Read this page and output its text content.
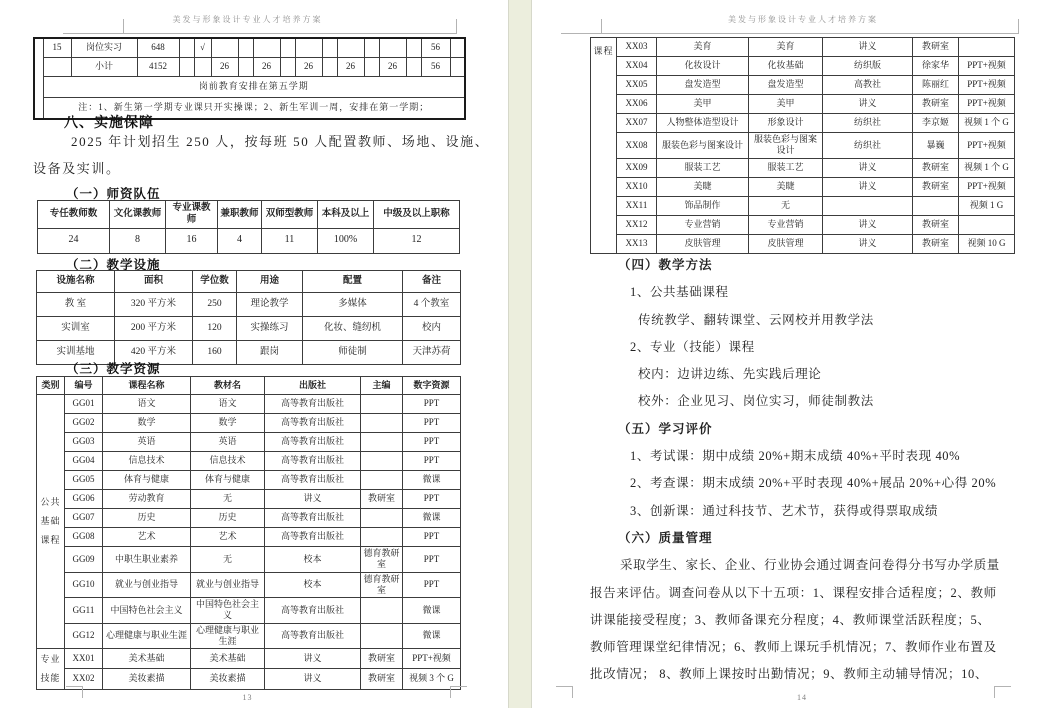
美发与形象设计专业人才培养方案
	15	岗位实习	648		√											56	
		小计	4152			26		26		26		26		26		56	
	岗前教育安排在第五学期																
	注：1、新生第一学期专业课只开实操课；2、新生军训一周，安排在第一学期；																
八、实施保障
2025 年计划招生 250 人，按每班 50 人配置教师、场地、设施、
设备及实训。
（一）师资队伍
专任教师数	文化课教师	专业课教师	兼职教师	双师型教师	本科及以上	中级及以上职称
24	8	16	4	11	100%	12
（二）教学设施
设施名称	面积	学位数	用途	配置	备注
教 室	320 平方米	250	理论教学	多媒体	4 个教室
实训室	200 平方米	120	实操练习	化妆、缝纫机	校内
实训基地	420 平方米	160	跟岗	师徒制	天津苏荷
（三）教学资源
类别	编号	课程名称	教材名	出版社	主编	数字资源
公共基础课程	GG01	语文	语文	高等教育出版社		PPT
	GG02	数学	数学	高等教育出版社		PPT
	GG03	英语	英语	高等教育出版社		PPT
	GG04	信息技术	信息技术	高等教育出版社		PPT
	GG05	体育与健康	体育与健康	高等教育出版社		微课
	GG06	劳动教育	无	讲义	教研室	PPT
	GG07	历史	历史	高等教育出版社		微课
	GG08	艺术	艺术	高等教育出版社		PPT
	GG09	中职生职业素养	无	校本	德育教研室	PPT
	GG10	就业与创业指导	就业与创业指导	校本	德育教研室	PPT
	GG11	中国特色社会主义	中国特色社会主义	高等教育出版社		微课
	GG12	心理健康与职业生涯	心理健康与职业生涯	高等教育出版社		微课
专业技能	XX01	美术基础	美术基础	讲义	教研室	PPT+视频
	XX02	美妆素描	美妆素描	讲义	教研室	视频 3 个 G
13
美发与形象设计专业人才培养方案
课程	XX03	美育	美育	讲义	教研室	
	XX04	化妆设计	化妆基础	纺织版	徐家华	PPT+视频
	XX05	盘发造型	盘发造型	高教社	陈丽红	PPT+视频
	XX06	美甲	美甲	讲义	教研室	PPT+视频
	XX07	人物整体造型设计	形象设计	纺织社	李京姬	视频 1 个 G
	XX08	服装色彩与图案设计	服装色彩与图案设计	纺织社	暴巍	PPT+视频
	XX09	服装工艺	服装工艺	讲义	教研室	视频 1 个 G
	XX10	美睫	美睫	讲义	教研室	PPT+视频
	XX11	饰品制作	无			视频 1 G
	XX12	专业营销	专业营销	讲义	教研室	
	XX13	皮肤管理	皮肤管理	讲义	教研室	视频 10 G
（四）教学方法
1、公共基础课程
传统教学、翻转课堂、云网校并用教学法
2、专业（技能）课程
校内：边讲边练、先实践后理论
校外：企业见习、岗位实习，师徒制教法
（五）学习评价
1、考试课：期中成绩 20%+期末成绩 40%+平时表现 40%
2、考查课：期末成绩 20%+平时表现 40%+展品 20%+心得 20%
3、创新课：通过科技节、艺术节，获得或得票取成绩
（六）质量管理
采取学生、家长、企业、行业协会通过调查问卷得分书写办学质量
报告来评估。调查问卷从以下十五项：1、课程安排合适程度；2、教师
讲课能接受程度；3、教师备课充分程度；4、教师课堂活跃程度；5、
教师管理课堂纪律情况；6、教师上课玩手机情况；7、教师作业布置及
批改情况； 8、教师上课按时出勤情况；9、教师主动辅导情况；10、
14
